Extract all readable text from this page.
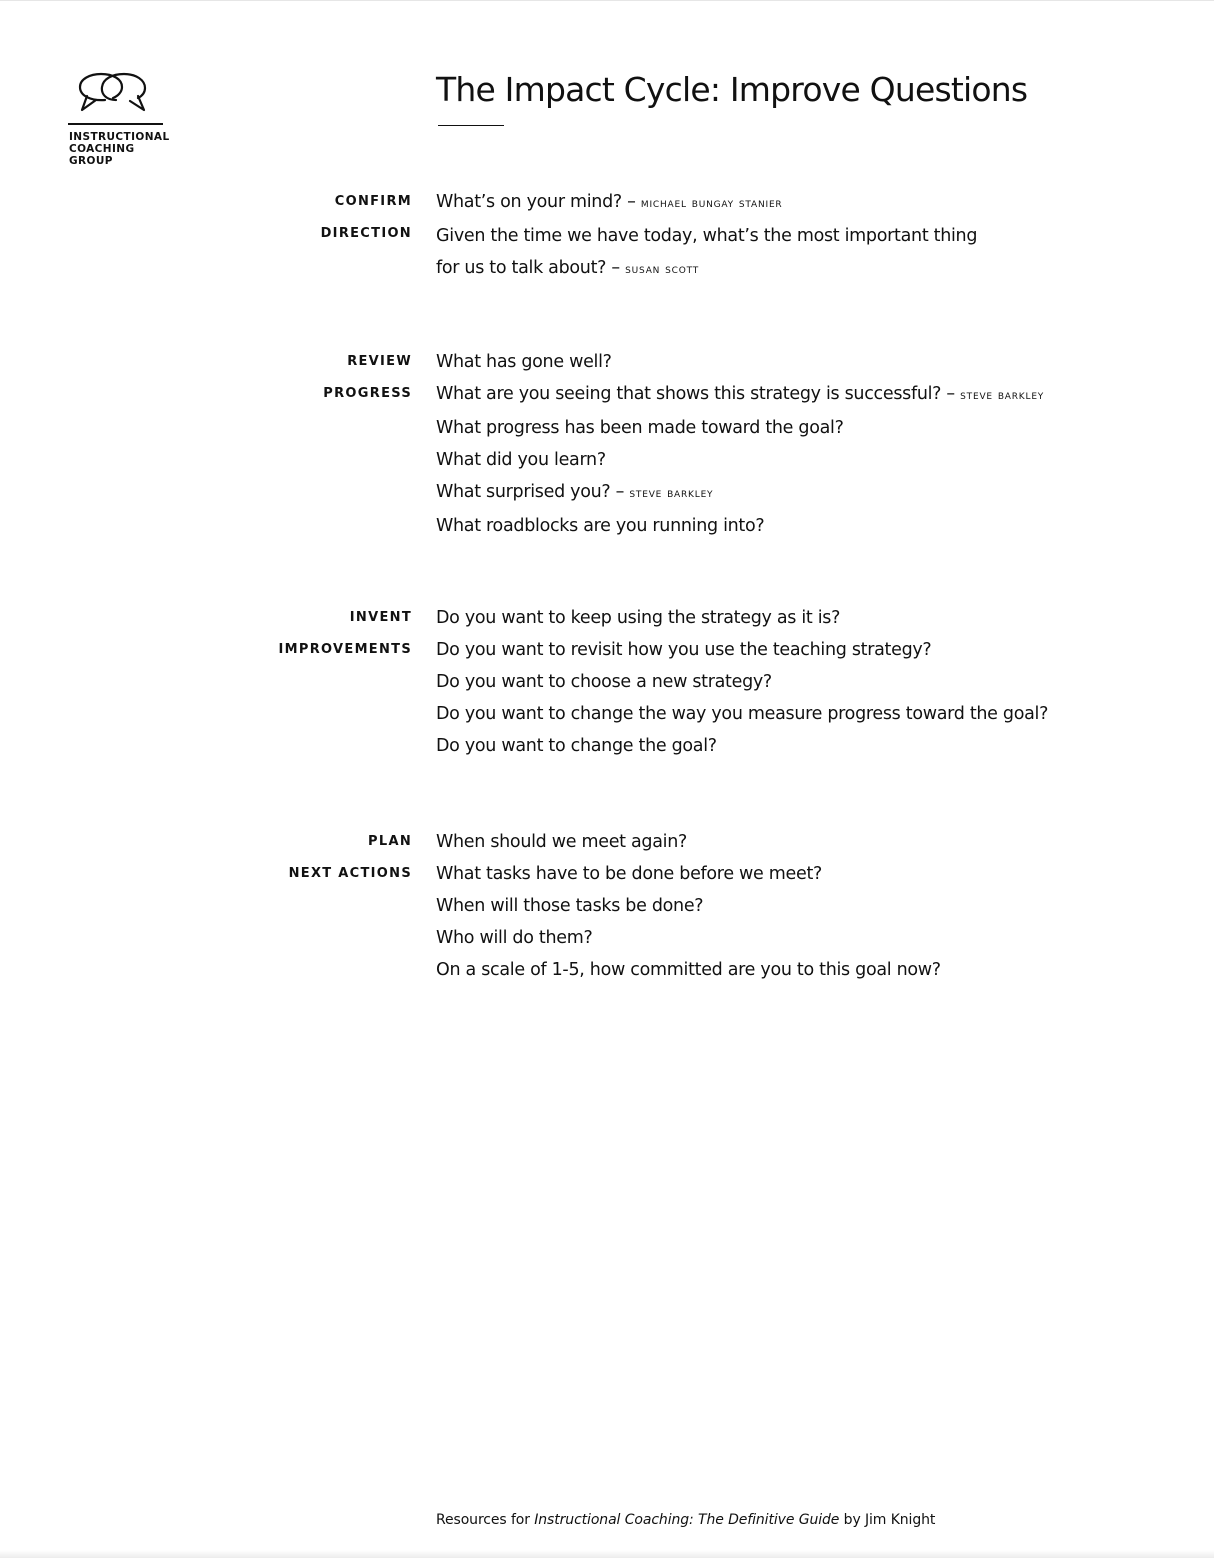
INSTRUCTIONAL
COACHING
GROUP
The Impact Cycle: Improve Questions
CONFIRM
DIRECTION
What’s on your mind? – michael bungay stanier
Given the time we have today, what’s the most important thing
for us to talk about? – susan scott
REVIEW
PROGRESS
What has gone well?
What are you seeing that shows this strategy is successful? – steve barkley
What progress has been made toward the goal?
What did you learn?
What surprised you? – steve barkley
What roadblocks are you running into?
INVENT
IMPROVEMENTS
Do you want to keep using the strategy as it is?
Do you want to revisit how you use the teaching strategy?
Do you want to choose a new strategy?
Do you want to change the way you measure progress toward the goal?
Do you want to change the goal?
PLAN
NEXT ACTIONS
When should we meet again?
What tasks have to be done before we meet?
When will those tasks be done?
Who will do them?
On a scale of 1-5, how committed are you to this goal now?
Resources for Instructional Coaching: The Definitive Guide by Jim Knight
